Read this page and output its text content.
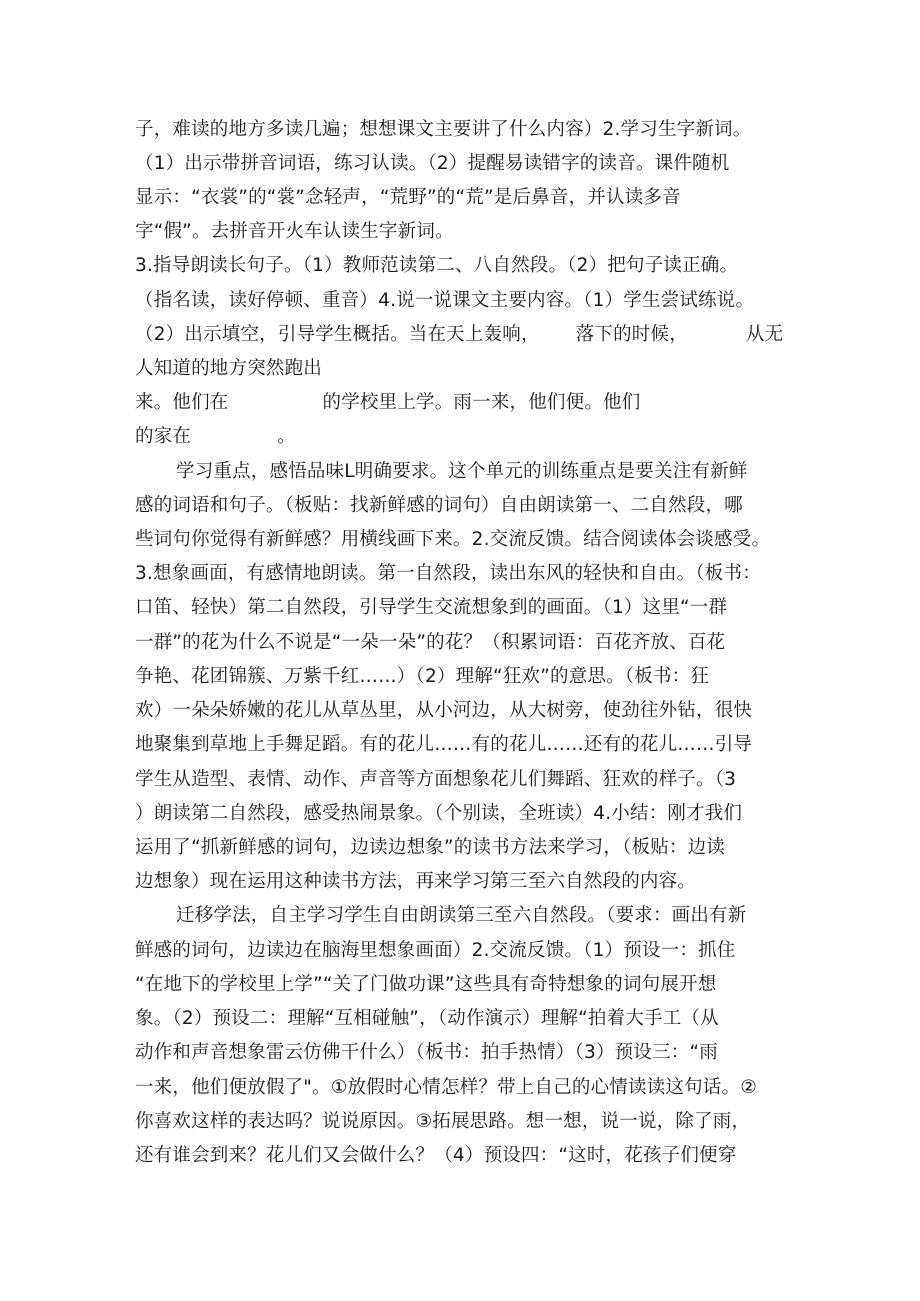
子，难读的地方多读几遍；想想课文主要讲了什么内容）2.学习生字新词。
（1）出示带拼音词语，练习认读。（2）提醒易读错字的读音。课件随机
显示：“衣裳”的“裳”念轻声，“荒野”的“荒”是后鼻音，并认读多音
字“假”。去拼音开火车认读生字新词。
3.指导朗读长句子。（1）教师范读第二、八自然段。（2）把句子读正确。
（指名读，读好停顿、重音）4.说一说课文主要内容。（1）学生尝试练说。
（2）出示填空，引导学生概括。当在天上轰响， 落下的时候，	从无
人知道的地方突然跑出
来。他们在	的学校里上学。雨一来，他们便。他们
的家在	。
学习重点，感悟品味L明确要求。这个单元的训练重点是要关注有新鲜
感的词语和句子。（板贴：找新鲜感的词句）自由朗读第一、二自然段，哪
些词句你觉得有新鲜感？用横线画下来。2.交流反馈。结合阅读体会谈感受。
3.想象画面，有感情地朗读。第一自然段，读出东风的轻快和自由。（板书：
口笛、轻快）第二自然段，引导学生交流想象到的画面。（1）这里“一群
一群”的花为什么不说是“一朵一朵”的花？（积累词语：百花齐放、百花
争艳、花团锦簇、万紫千红……）（2）理解“狂欢”的意思。（板书：狂
欢）一朵朵娇嫩的花儿从草丛里，从小河边，从大树旁，使劲往外钻，很快
地聚集到草地上手舞足蹈。有的花儿……有的花儿……还有的花儿……引导
学生从造型、表情、动作、声音等方面想象花儿们舞蹈、狂欢的样子。（3
）朗读第二自然段，感受热闹景象。（个别读，全班读）4.小结：刚才我们
运用了“抓新鲜感的词句，边读边想象”的读书方法来学习，（板贴：边读
边想象）现在运用这种读书方法，再来学习第三至六自然段的内容。
迁移学法，自主学习学生自由朗读第三至六自然段。（要求：画出有新
鲜感的词句，边读边在脑海里想象画面）2.交流反馈。（1）预设一：抓住
“在地下的学校里上学”“关了门做功课”这些具有奇特想象的词句展开想
象。（2）预设二：理解“互相碰触”，（动作演示）理解“拍着大手工（从
动作和声音想象雷云仿佛干什么）（板书：拍手热情）（3）预设三：“雨
一来，他们便放假了"。①放假时心情怎样？带上自己的心情读读这句话。②
你喜欢这样的表达吗？说说原因。③拓展思路。想一想，说一说，除了雨，
还有谁会到来？花儿们又会做什么？（4）预设四：“这时，花孩子们便穿
